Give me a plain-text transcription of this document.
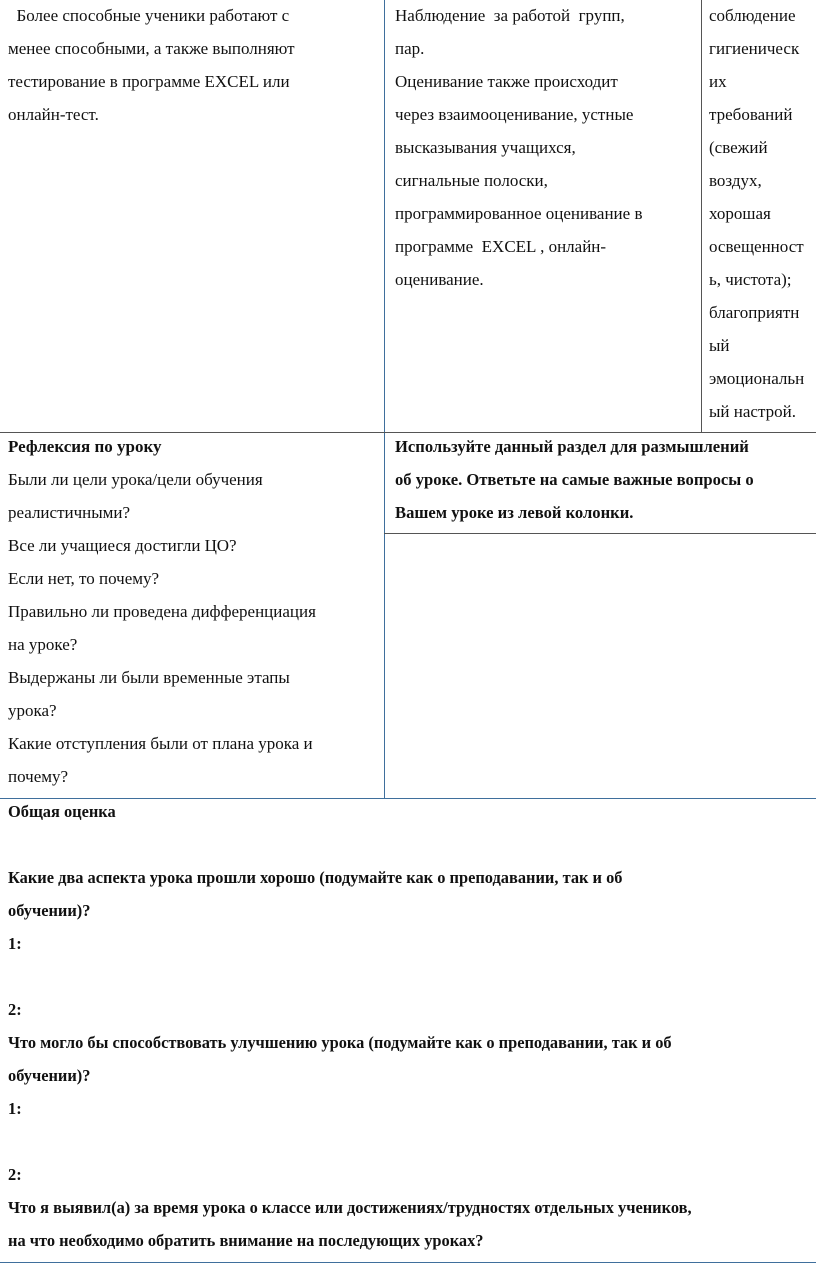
Более способные ученики работают с

менее способными, а также выполняют

тестирование в программе EXCEL или

онлайн-тест.

Наблюдение  за работой  групп,

пар.

Оценивание также происходит

через взаимооценивание, устные

высказывания учащихся,

сигнальные полоски,

программированное оценивание в

программе  EXCEL , онлайн-

оценивание.

соблюдение

гигиеническ

их

требований

(свежий

воздух,

хорошая

освещенност

ь, чистота);

благоприятн

ый

эмоциональн

ый настрой.

Рефлексия по уроку

Были ли цели урока/цели обучения

реалистичными?

Все ли учащиеся достигли ЦО?

Если нет, то почему?

Правильно ли проведена дифференциация

на уроке?

Выдержаны ли были временные этапы

урока?

Какие отступления были от плана урока и

почему?

Используйте данный раздел для размышлений

об уроке. Ответьте на самые важные вопросы о

Вашем уроке из левой колонки.

Общая оценка

Какие два аспекта урока прошли хорошо (подумайте как о преподавании, так и об

обучении)?

1:

2:

Что могло бы способствовать улучшению урока (подумайте как о преподавании, так и об

обучении)?

1:

2:

Что я выявил(а) за время урока о классе или достижениях/трудностях отдельных учеников,

на что необходимо обратить внимание на последующих уроках?
